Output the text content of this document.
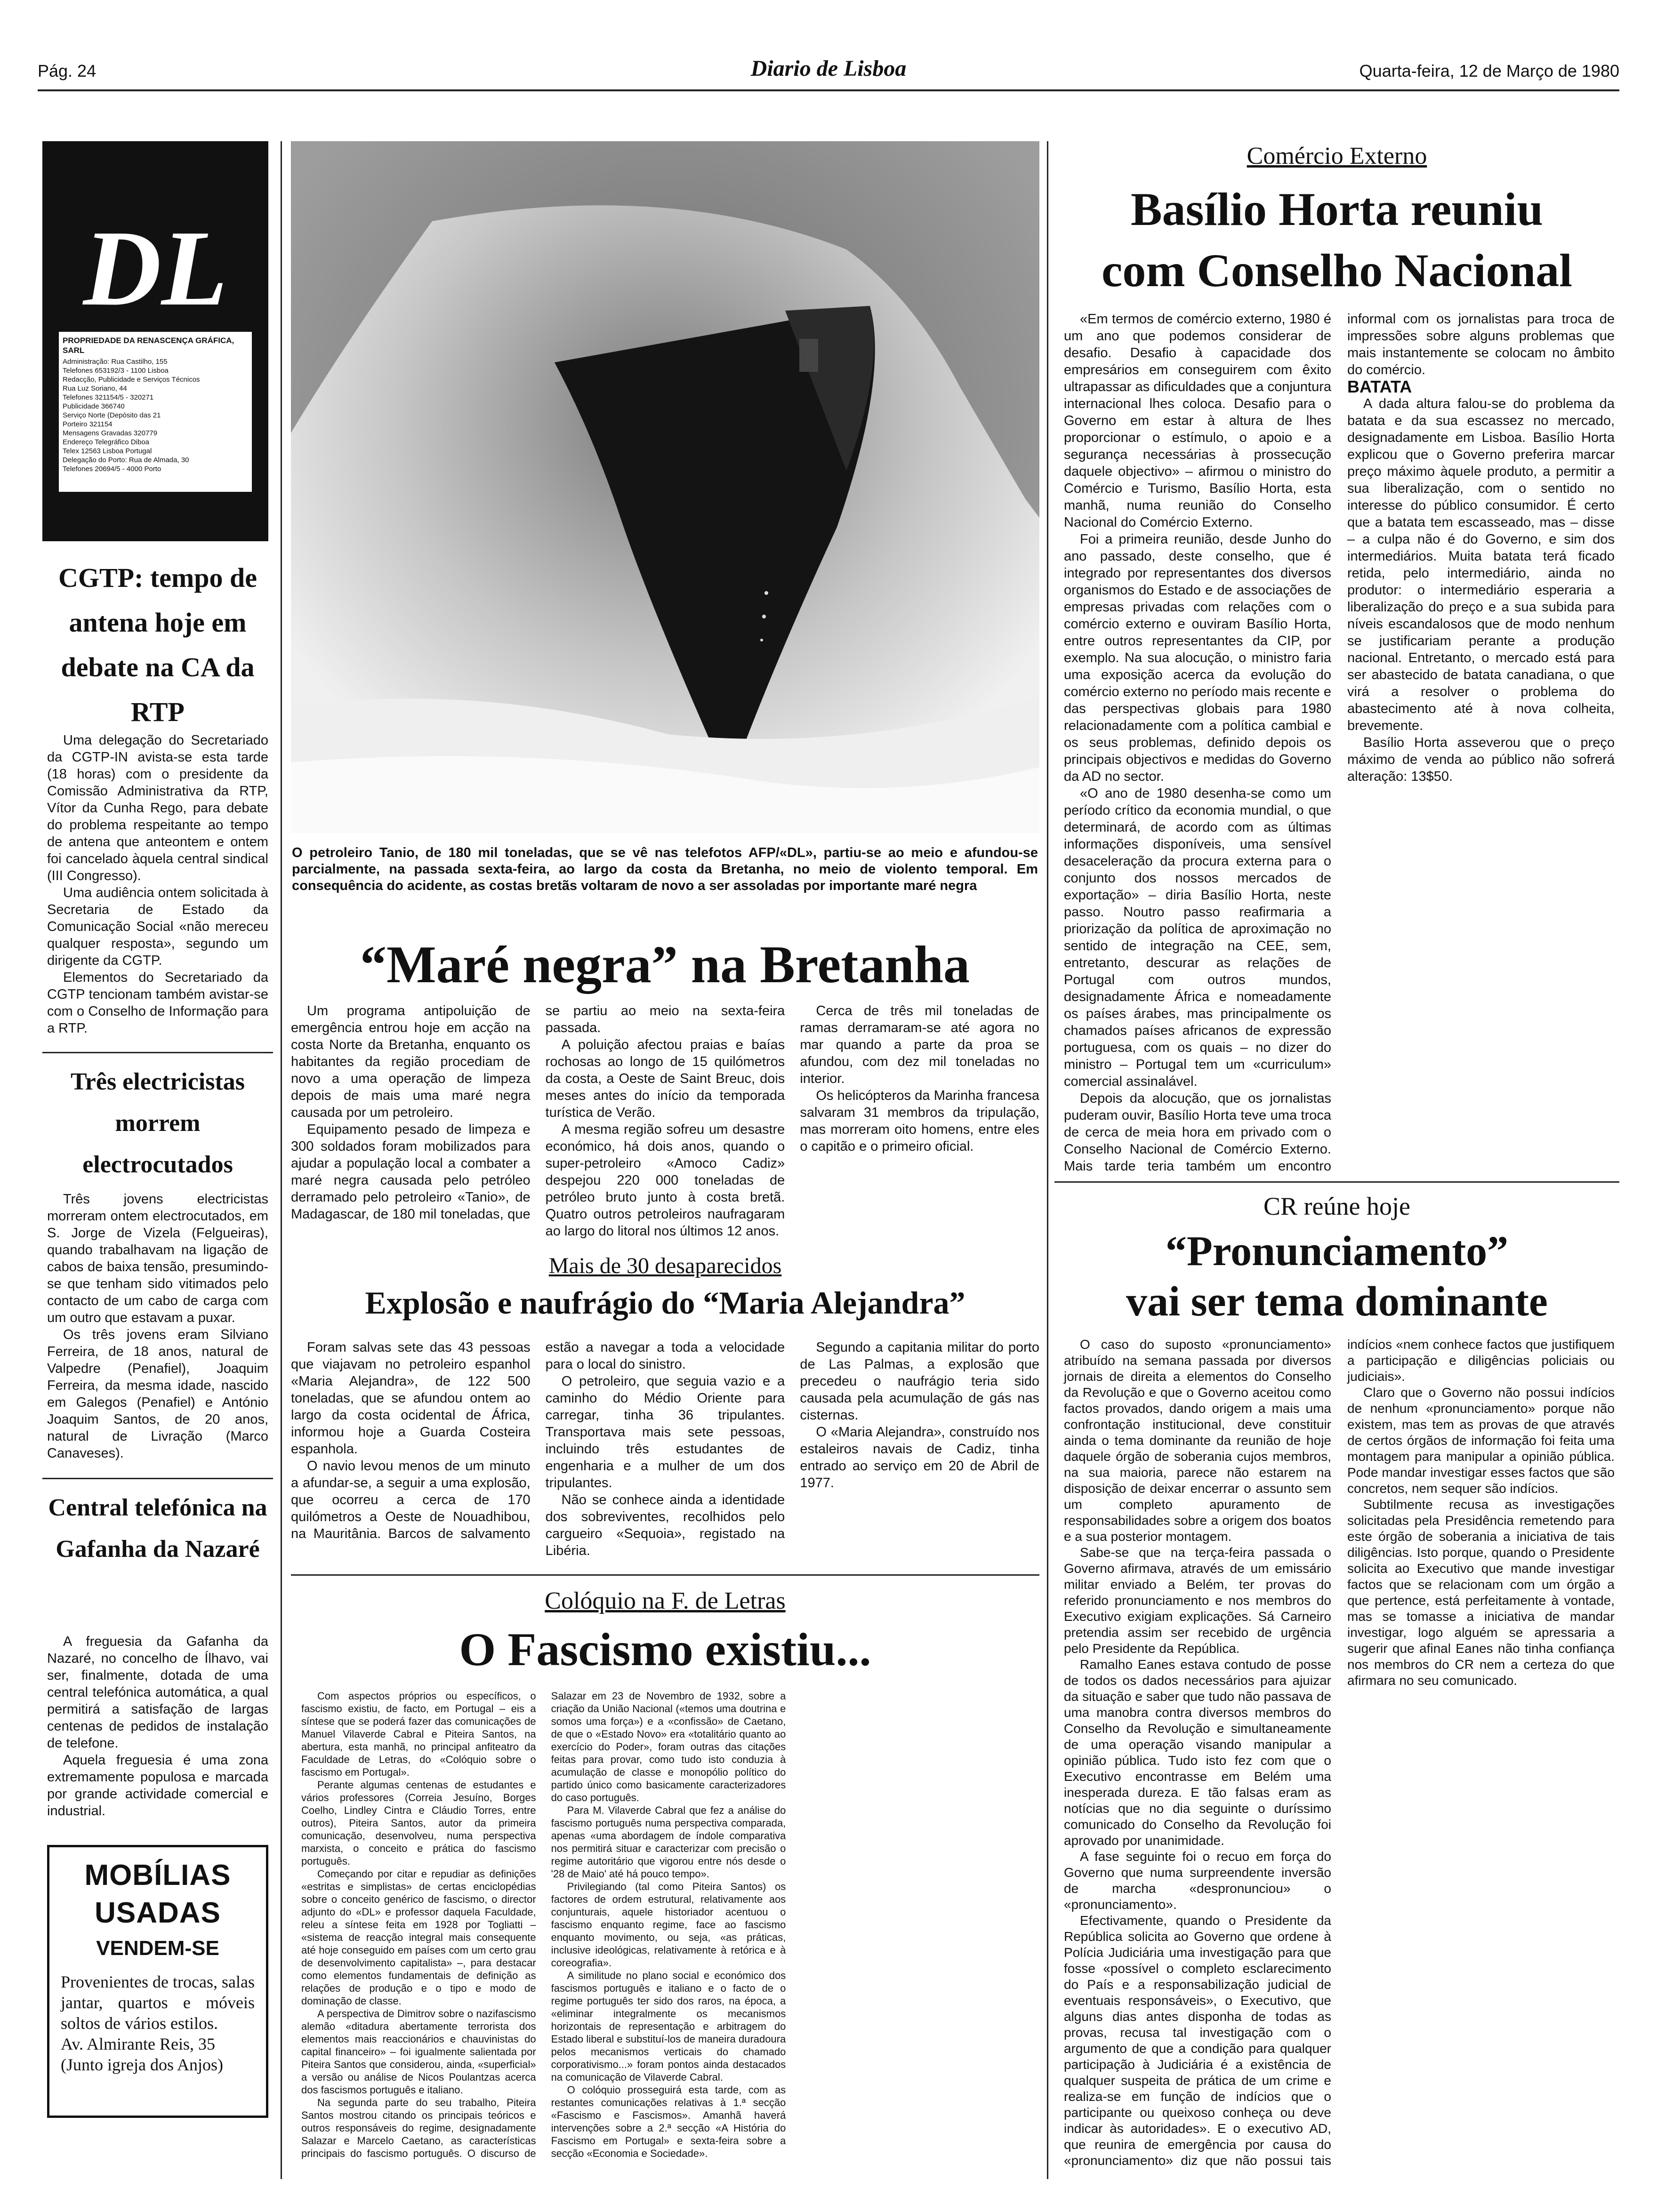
Pág. 24	Diario de Lisboa	Quarta-feira, 12 de Março de 1980
DL
PROPRIEDADE DA RENASCENÇA GRÁFICA, SARL
Administração: Rua Castilho, 155
Telefones 653192/3 - 1100 Lisboa
Redacção, Publicidade e Serviços Técnicos
Rua Luz Soriano, 44
Telefones 321154/5 - 320271
Publicidade 366740
Serviço Norte (Depósito das 21
Porteiro 321154
Mensagens Gravadas 320779
Endereço Telegráfico Diboa
Telex 12563 Lisboa Portugal
Delegação do Porto: Rua de Almada, 30
Telefones 20694/5 - 4000 Porto
CGTP: tempo de antena hoje em debate na CA da RTP

Uma delegação do Secretariado da CGTP-IN avista-se esta tarde (18 horas) com o presidente da Comissão Administrativa da RTP, Vítor da Cunha Rego, para debate do problema respeitante ao tempo de antena que anteontem e ontem foi cancelado àquela central sindical (III Congresso).

Uma audiência ontem solicitada à Secretaria de Estado da Comunicação Social «não mereceu qualquer resposta», segundo um dirigente da CGTP.

Elementos do Secretariado da CGTP tencionam também avistar-se com o Conselho de Informação para a RTP.

Três electricistas morrem electrocutados

Três jovens electricistas morreram ontem electrocutados, em S. Jorge de Vizela (Felgueiras), quando trabalhavam na ligação de cabos de baixa tensão, presumindo-se que tenham sido vitimados pelo contacto de um cabo de carga com um outro que estavam a puxar.

Os três jovens eram Silviano Ferreira, de 18 anos, natural de Valpedre (Penafiel), Joaquim Ferreira, da mesma idade, nascido em Galegos (Penafiel) e António Joaquim Santos, de 20 anos, natural de Livração (Marco Canaveses).

Central telefónica na Gafanha da Nazaré

A freguesia da Gafanha da Nazaré, no concelho de Ílhavo, vai ser, finalmente, dotada de uma central telefónica automática, a qual permitirá a satisfação de largas centenas de pedidos de instalação de telefone.

Aquela freguesia é uma zona extremamente populosa e marcada por grande actividade comercial e industrial.

MOBÍLIAS
USADAS
VENDEM-SE
Provenientes de trocas, salas jantar, quartos e móveis soltos de vários estilos.
Av. Almirante Reis, 35
(Junto igreja dos Anjos)
O petroleiro Tanio, de 180 mil toneladas, que se vê nas telefotos AFP/«DL», partiu-se ao meio e afundou-se parcialmente, na passada sexta-feira, ao largo da costa da Bretanha, no meio de violento temporal. Em consequência do acidente, as costas bretãs voltaram de novo a ser assoladas por importante maré negra
“Maré negra” na Bretanha

Um programa antipoluição de emergência entrou hoje em acção na costa Norte da Bretanha, enquanto os habitantes da região procediam de novo a uma operação de limpeza depois de mais uma maré negra causada por um petroleiro.

Equipamento pesado de limpeza e 300 soldados foram mobilizados para ajudar a população local a combater a maré negra causada pelo petróleo derramado pelo petroleiro «Tanio», de Madagascar, de 180 mil toneladas, que se partiu ao meio na sexta-feira passada.

A poluição afectou praias e baías rochosas ao longo de 15 quilómetros da costa, a Oeste de Saint Breuc, dois meses antes do início da temporada turística de Verão.

A mesma região sofreu um desastre económico, há dois anos, quando o super-petroleiro «Amoco Cadiz» despejou 220 000 toneladas de petróleo bruto junto à costa bretã. Quatro outros petroleiros naufragaram ao largo do litoral nos últimos 12 anos.

Cerca de três mil toneladas de ramas derramaram-se até agora no mar quando a parte da proa se afundou, com dez mil toneladas no interior.

Os helicópteros da Marinha francesa salvaram 31 membros da tripulação, mas morreram oito homens, entre eles o capitão e o primeiro oficial.

Mais de 30 desaparecidos
Explosão e naufrágio do “Maria Alejandra”

Foram salvas sete das 43 pessoas que viajavam no petroleiro espanhol «Maria Alejandra», de 122 500 toneladas, que se afundou ontem ao largo da costa ocidental de África, informou hoje a Guarda Costeira espanhola.

O navio levou menos de um minuto a afundar-se, a seguir a uma explosão, que ocorreu a cerca de 170 quilómetros a Oeste de Nouadhibou, na Mauritânia. Barcos de salvamento estão a navegar a toda a velocidade para o local do sinistro.

O petroleiro, que seguia vazio e a caminho do Médio Oriente para carregar, tinha 36 tripulantes. Transportava mais sete pessoas, incluindo três estudantes de engenharia e a mulher de um dos tripulantes.

Não se conhece ainda a identidade dos sobreviventes, recolhidos pelo cargueiro «Sequoia», registado na Libéria.

Segundo a capitania militar do porto de Las Palmas, a explosão que precedeu o naufrágio teria sido causada pela acumulação de gás nas cisternas.

O «Maria Alejandra», construído nos estaleiros navais de Cadiz, tinha entrado ao serviço em 20 de Abril de 1977.

Colóquio na F. de Letras
O Fascismo existiu...

Com aspectos próprios ou específicos, o fascismo existiu, de facto, em Portugal – eis a síntese que se poderá fazer das comunicações de Manuel Vilaverde Cabral e Piteira Santos, na abertura, esta manhã, no principal anfiteatro da Faculdade de Letras, do «Colóquio sobre o fascismo em Portugal».

Perante algumas centenas de estudantes e vários professores (Correia Jesuíno, Borges Coelho, Lindley Cintra e Cláudio Torres, entre outros), Piteira Santos, autor da primeira comunicação, desenvolveu, numa perspectiva marxista, o conceito e prática do fascismo português.

Começando por citar e repudiar as definições «estritas e simplistas» de certas enciclopédias sobre o conceito genérico de fascismo, o director adjunto do «DL» e professor daquela Faculdade, releu a síntese feita em 1928 por Togliatti – «sistema de reacção integral mais consequente até hoje conseguido em países com um certo grau de desenvolvimento capitalista» –, para destacar como elementos fundamentais de definição as relações de produção e o tipo e modo de dominação de classe.

A perspectiva de Dimitrov sobre o nazifascismo alemão «ditadura abertamente terrorista dos elementos mais reaccionários e chauvinistas do capital financeiro» – foi igualmente salientada por Piteira Santos que considerou, ainda, «superficial» a versão ou análise de Nicos Poulantzas acerca dos fascismos português e italiano.

Na segunda parte do seu trabalho, Piteira Santos mostrou citando os principais teóricos e outros responsáveis do regime, designadamente Salazar e Marcelo Caetano, as características principais do fascismo português. O discurso de Salazar em 23 de Novembro de 1932, sobre a criação da União Nacional («temos uma doutrina e somos uma força») e a «confissão» de Caetano, de que o «Estado Novo» era «totalitário quanto ao exercício do Poder», foram outras das citações feitas para provar, como tudo isto conduzia à acumulação de classe e monopólio político do partido único como basicamente caracterizadores do caso português.

Para M. Vilaverde Cabral que fez a análise do fascismo português numa perspectiva comparada, apenas «uma abordagem de índole comparativa nos permitirá situar e caracterizar com precisão o regime autoritário que vigorou entre nós desde o '28 de Maio' até há pouco tempo».

Privilegiando (tal como Piteira Santos) os factores de ordem estrutural, relativamente aos conjunturais, aquele historiador acentuou o fascismo enquanto regime, face ao fascismo enquanto movimento, ou seja, «as práticas, inclusive ideológicas, relativamente à retórica e à coreografia».

A similitude no plano social e económico dos fascismos português e italiano e o facto de o regime português ter sido dos raros, na época, a «eliminar integralmente os mecanismos horizontais de representação e arbitragem do Estado liberal e substituí-los de maneira duradoura pelos mecanismos verticais do chamado corporativismo...» foram pontos ainda destacados na comunicação de Vilaverde Cabral.

O colóquio prosseguirá esta tarde, com as restantes comunicações relativas à 1.ª secção «Fascismo e Fascismos». Amanhã haverá intervenções sobre a 2.ª secção «A História do Fascismo em Portugal» e sexta-feira sobre a secção «Economia e Sociedade».

Comércio Externo
Basílio Horta reuniu
com Conselho Nacional

«Em termos de comércio externo, 1980 é um ano que podemos considerar de desafio. Desafio à capacidade dos empresários em conseguirem com êxito ultrapassar as dificuldades que a conjuntura internacional lhes coloca. Desafio para o Governo em estar à altura de lhes proporcionar o estímulo, o apoio e a segurança necessárias à prossecução daquele objectivo» – afirmou o ministro do Comércio e Turismo, Basílio Horta, esta manhã, numa reunião do Conselho Nacional do Comércio Externo.

Foi a primeira reunião, desde Junho do ano passado, deste conselho, que é integrado por representantes dos diversos organismos do Estado e de associações de empresas privadas com relações com o comércio externo e ouviram Basílio Horta, entre outros representantes da CIP, por exemplo. Na sua alocução, o ministro faria uma exposição acerca da evolução do comércio externo no período mais recente e das perspectivas globais para 1980 relacionadamente com a política cambial e os seus problemas, definido depois os principais objectivos e medidas do Governo da AD no sector.

«O ano de 1980 desenha-se como um período crítico da economia mundial, o que determinará, de acordo com as últimas informações disponíveis, uma sensível desaceleração da procura externa para o conjunto dos nossos mercados de exportação» – diria Basílio Horta, neste passo. Noutro passo reafirmaria a priorização da política de aproximação no sentido de integração na CEE, sem, entretanto, descurar as relações de Portugal com outros mundos, designadamente África e nomeadamente os países árabes, mas principalmente os chamados países africanos de expressão portuguesa, com os quais – no dizer do ministro – Portugal tem um «curriculum» comercial assinalável.

Depois da alocução, que os jornalistas puderam ouvir, Basílio Horta teve uma troca de cerca de meia hora em privado com o Conselho Nacional de Comércio Externo. Mais tarde teria também um encontro informal com os jornalistas para troca de impressões sobre alguns problemas que mais instantemente se colocam no âmbito do comércio.

BATATA

A dada altura falou-se do problema da batata e da sua escassez no mercado, designadamente em Lisboa. Basílio Horta explicou que o Governo preferira marcar preço máximo àquele produto, a permitir a sua liberalização, com o sentido no interesse do público consumidor. É certo que a batata tem escasseado, mas – disse – a culpa não é do Governo, e sim dos intermediários. Muita batata terá ficado retida, pelo intermediário, ainda no produtor: o intermediário esperaria a liberalização do preço e a sua subida para níveis escandalosos que de modo nenhum se justificariam perante a produção nacional. Entretanto, o mercado está para ser abastecido de batata canadiana, o que virá a resolver o problema do abastecimento até à nova colheita, brevemente.

Basílio Horta asseverou que o preço máximo de venda ao público não sofrerá alteração: 13$50.

CR reúne hoje
“Pronunciamento”
vai ser tema dominante

O caso do suposto «pronunciamento» atribuído na semana passada por diversos jornais de direita a elementos do Conselho da Revolução e que o Governo aceitou como factos provados, dando origem a mais uma confrontação institucional, deve constituir ainda o tema dominante da reunião de hoje daquele órgão de soberania cujos membros, na sua maioria, parece não estarem na disposição de deixar encerrar o assunto sem um completo apuramento de responsabilidades sobre a origem dos boatos e a sua posterior montagem.

Sabe-se que na terça-feira passada o Governo afirmava, através de um emissário militar enviado a Belém, ter provas do referido pronunciamento e nos membros do Executivo exigiam explicações. Sá Carneiro pretendia assim ser recebido de urgência pelo Presidente da República.

Ramalho Eanes estava contudo de posse de todos os dados necessários para ajuizar da situação e saber que tudo não passava de uma manobra contra diversos membros do Conselho da Revolução e simultaneamente de uma operação visando manipular a opinião pública. Tudo isto fez com que o Executivo encontrasse em Belém uma inesperada dureza. E tão falsas eram as notícias que no dia seguinte o duríssimo comunicado do Conselho da Revolução foi aprovado por unanimidade.

A fase seguinte foi o recuo em força do Governo que numa surpreendente inversão de marcha «despronunciou» o «pronunciamento».

Efectivamente, quando o Presidente da República solicita ao Governo que ordene à Polícia Judiciária uma investigação para que fosse «possível o completo esclarecimento do País e a responsabilização judicial de eventuais responsáveis», o Executivo, que alguns dias antes disponha de todas as provas, recusa tal investigação com o argumento de que a condição para qualquer participação à Judiciária é a existência de qualquer suspeita de prática de um crime e realiza-se em função de indícios que o participante ou queixoso conheça ou deve indicar às autoridades». E o executivo AD, que reunira de emergência por causa do «pronunciamento» diz que não possui tais indícios «nem conhece factos que justifiquem a participação e diligências policiais ou judiciais».

Claro que o Governo não possui indícios de nenhum «pronunciamento» porque não existem, mas tem as provas de que através de certos órgãos de informação foi feita uma montagem para manipular a opinião pública. Pode mandar investigar esses factos que são concretos, nem sequer são indícios.

Subtilmente recusa as investigações solicitadas pela Presidência remetendo para este órgão de soberania a iniciativa de tais diligências. Isto porque, quando o Presidente solicita ao Executivo que mande investigar factos que se relacionam com um órgão a que pertence, está perfeitamente à vontade, mas se tomasse a iniciativa de mandar investigar, logo alguém se apressaria a sugerir que afinal Eanes não tinha confiança nos membros do CR nem a certeza do que afirmara no seu comunicado.
